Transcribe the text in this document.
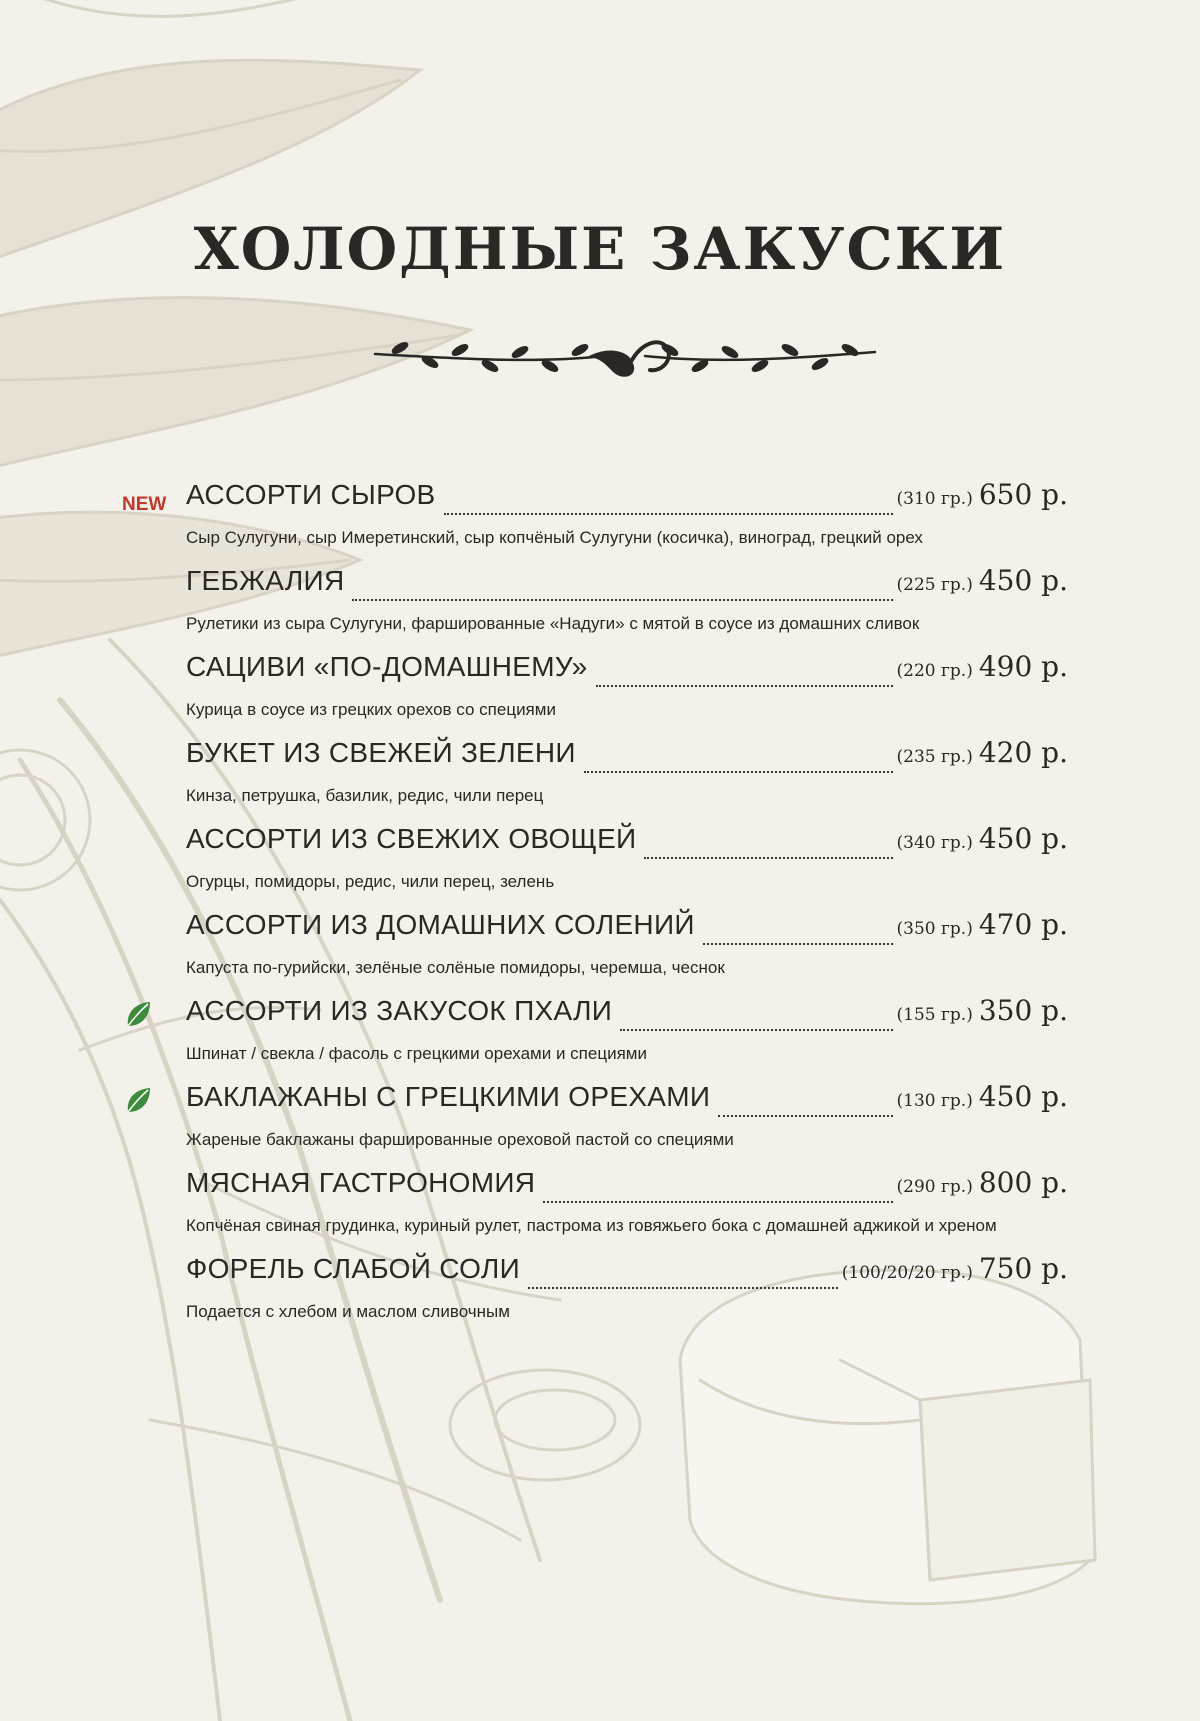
ХОЛОДНЫЕ ЗАКУСКИ
NEW АССОРТИ СЫРОВ	(310 гр.) 650 р.
Сыр Сулугуни, сыр Имеретинский, сыр копчёный Сулугуни (косичка), виноград, грецкий орех
ГЕБЖАЛИЯ	(225 гр.) 450 р.
Рулетики из сыра Сулугуни, фаршированные «Надуги» с мятой в соусе из домашних сливок
САЦИВИ «ПО-ДОМАШНЕМУ»	(220 гр.) 490 р.
Курица в соусе из грецких орехов со специями
БУКЕТ ИЗ СВЕЖЕЙ ЗЕЛЕНИ	(235 гр.) 420 р.
Кинза, петрушка, базилик, редис, чили перец
АССОРТИ ИЗ СВЕЖИХ ОВОЩЕЙ	(340 гр.) 450 р.
Огурцы, помидоры, редис, чили перец, зелень
АССОРТИ ИЗ ДОМАШНИХ СОЛЕНИЙ	(350 гр.) 470 р.
Капуста по-гурийски, зелёные солёные помидоры, черемша, чеснок
АССОРТИ ИЗ ЗАКУСОК ПХАЛИ	(155 гр.) 350 р.
Шпинат / свекла / фасоль с грецкими орехами и специями
БАКЛАЖАНЫ С ГРЕЦКИМИ ОРЕХАМИ	(130 гр.) 450 р.
Жареные баклажаны фаршированные ореховой пастой со специями
МЯСНАЯ ГАСТРОНОМИЯ	(290 гр.) 800 р.
Копчёная свиная грудинка, куриный рулет, пастрома из говяжьего бока с домашней аджикой и хреном
ФОРЕЛЬ СЛАБОЙ СОЛИ	(100/20/20 гр.) 750 р.
Подается с хлебом и маслом сливочным
